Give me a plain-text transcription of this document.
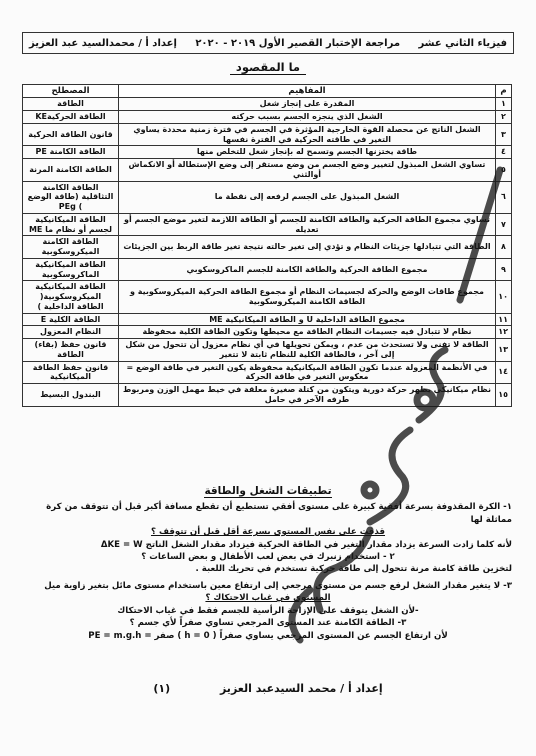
فيزياء الثاني عشر
مراجعة الإختبار القصير الأول ٢٠١٩ - ٢٠٢٠
إعداد أ / محمدالسيد عبد العزيز
ما المقصود
م	المفاهيم	المصطلح
١	المقدرة على إنجاز شغل	الطاقة
٢	الشغل الذي ينجزه الجسم بسبب حركته	الطاقة الحركيةKE
٣	الشغل الناتج عن محصلة القوة الخارجية المؤثرة في الجسم في فترة زمنية محددة يساوي التغير في طاقته الحركية في الفترة نفسها	قانون الطاقة الحركية
٤	طاقة يختزنها الجسم وتسمح له بإنجاز شغل للتخلص منها	الطاقة الكامنة PE
٥	تساوي الشغل المبذول لتغيير وضع الجسم من وضع مستقر إلى وضع الإستطالة أو الانكماش أوالثني	الطاقة الكامنة المرنة
٦	الشغل المبذول على الجسم لرفعه إلى نقطة ما	الطاقة الكامنة التثاقلية (طاقة الوضع ) PEg
٧	تساوي مجموع الطاقة الحركية والطاقة الكامنة للجسم أو الطاقة اللازمة لتغير موضع الجسم أو تعديله	الطاقة الميكانيكية لجسم أو نظام ما ME
٨	الطاقة التي تتبادلها جزيئات النظام و تؤدي إلى تغير حالته نتيجة تغير طاقة الربط بين الجزيئات	الطاقة الكامنة الميكروسكوبية
٩	مجموع الطاقة الحركية والطاقة الكامنة للجسم الماكروسكوبي	الطاقة الميكانيكية الماكروسكوبية
١٠	مجموع طاقات الوضع والحركة لجسيمات النظام أو مجموع الطاقة الحركية الميكروسكوبية و الطاقة الكامنة الميكروسكوبية	الطاقة الميكانيكية الميكروسكوبية( الطاقة الداخلية )
١١	مجموع الطاقة الداخلية U و الطاقة الميكانيكية ME	الطاقة الكلية E
١٢	نظام لا تتبادل فيه جسيمات النظام الطاقة مع محيطها وتكون الطاقة الكلية محفوظة	النظام المعزول
١٣	الطاقة لا تفنى ولا تستحدث من عدم ، ويمكن تحويلها في أي نظام معزول أن تتحول من شكل إلى آخر ، فالطاقة الكلية للنظام ثابتة لا تتغير	قانون حفظ (بقاء) الطاقة
١٤	في الأنظمة المعزولة عندما تكون الطاقة الميكانيكية محفوظة يكون التغير في طاقة الوضع = معكوس التغير في طاقة الحركة	قانون حفظ الطاقة الميكانيكية
١٥	نظام ميكانيكي يظهر حركة دورية ويتكون من كتلة صغيرة معلقة في خيط مهمل الوزن ومربوط طرفه الآخر في حامل	البندول البسيط
تطبيقات الشغل والطاقة

١- الكرة المقذوفة بسرعة أفقية كبيرة على مستوى أفقي تستطيع أن تقطع مسافة أكبر قبل أن تتوقف من كرة مماثلة لها

قذفت على نفس المستوى بسرعة أقل قبل أن تتوقف ؟

لأنه كلما زادت السرعة يزداد مقدار التغير في الطاقة الحركية فيزداد مقدار الشغل الناتج ΔKE = W

٢ - استخدام زنبرك في بعض لعب الأطفال و بعض الساعات ؟

لتخزين طاقة كامنة مرنة تتحول إلى طاقة حركية تستخدم في تحريك اللعبة .

٣- لا يتغير مقدار الشغل لرفع جسم من مستوى مرجعي إلى ارتفاع معين باستخدام مستوى مائل بتغير زاوية ميل

المستوى في غياب الاحتكاك ؟

-لأن الشغل يتوقف على الإزاحة الرأسية للجسم فقط في غياب الاحتكاك

٣- الطاقة الكامنة عند المستوى المرجعي تساوي صفراً لأي جسم ؟

لأن ارتفاع الجسم عن المستوى المرجعي يساوي صفراً ( h = 0 ) صفر = PE = m.g.h

إعداد أ / محمد السيدعبد العزيز (١)
